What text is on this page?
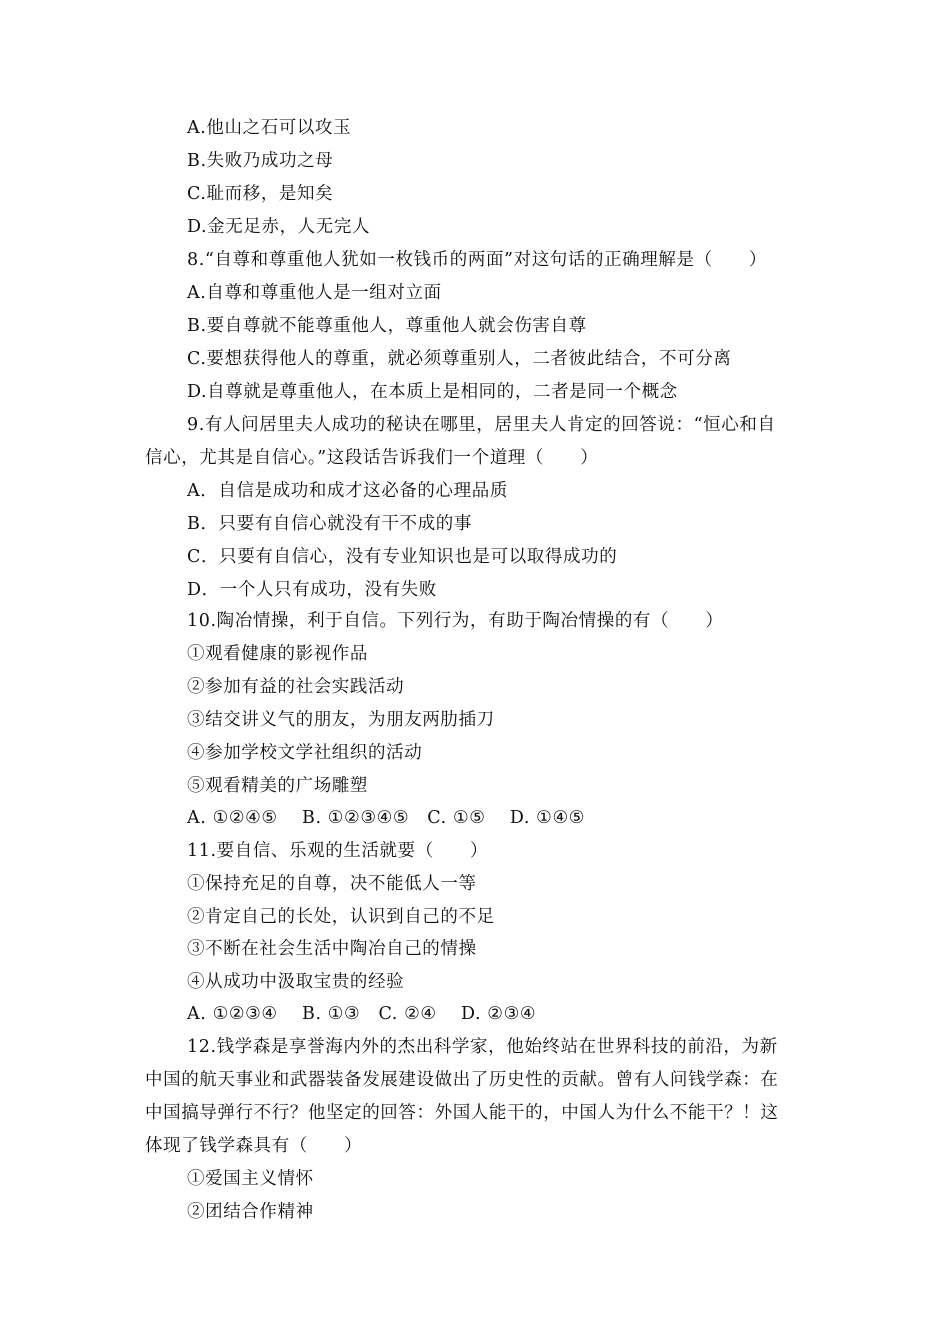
A.他山之石可以攻玉
B.失败乃成功之母
C.耻而移，是知矣
D.金无足赤，人无完人
8.“自尊和尊重他人犹如一枚钱币的两面”对这句话的正确理解是（　　）
A.自尊和尊重他人是一组对立面
B.要自尊就不能尊重他人，尊重他人就会伤害自尊
C.要想获得他人的尊重，就必须尊重别人，二者彼此结合，不可分离
D.自尊就是尊重他人，在本质上是相同的，二者是同一个概念
9.有人问居里夫人成功的秘诀在哪里，居里夫人肯定的回答说：“恒心和自
信心，尤其是自信心。”这段话告诉我们一个道理（　　）
A．自信是成功和成才这必备的心理品质
B．只要有自信心就没有干不成的事
C．只要有自信心，没有专业知识也是可以取得成功的
D．一个人只有成功，没有失败
10.陶冶情操，利于自信。下列行为，有助于陶冶情操的有（　　）
①观看健康的影视作品
②参加有益的社会实践活动
③结交讲义气的朋友，为朋友两肋插刀
④参加学校文学社组织的活动
⑤观看精美的广场雕塑
A. ①②④⑤　 B. ①②③④⑤　C. ①⑤　 D. ①④⑤
11.要自信、乐观的生活就要（　　）
①保持充足的自尊，决不能低人一等
②肯定自己的长处，认识到自己的不足
③不断在社会生活中陶冶自己的情操
④从成功中汲取宝贵的经验
A. ①②③④　 B. ①③　C. ②④　 D. ②③④
12.钱学森是享誉海内外的杰出科学家，他始终站在世界科技的前沿，为新
中国的航天事业和武器装备发展建设做出了历史性的贡献。曾有人问钱学森：在
中国搞导弹行不行？他坚定的回答：外国人能干的，中国人为什么不能干？！这
体现了钱学森具有（　　）
①爱国主义情怀
②团结合作精神
